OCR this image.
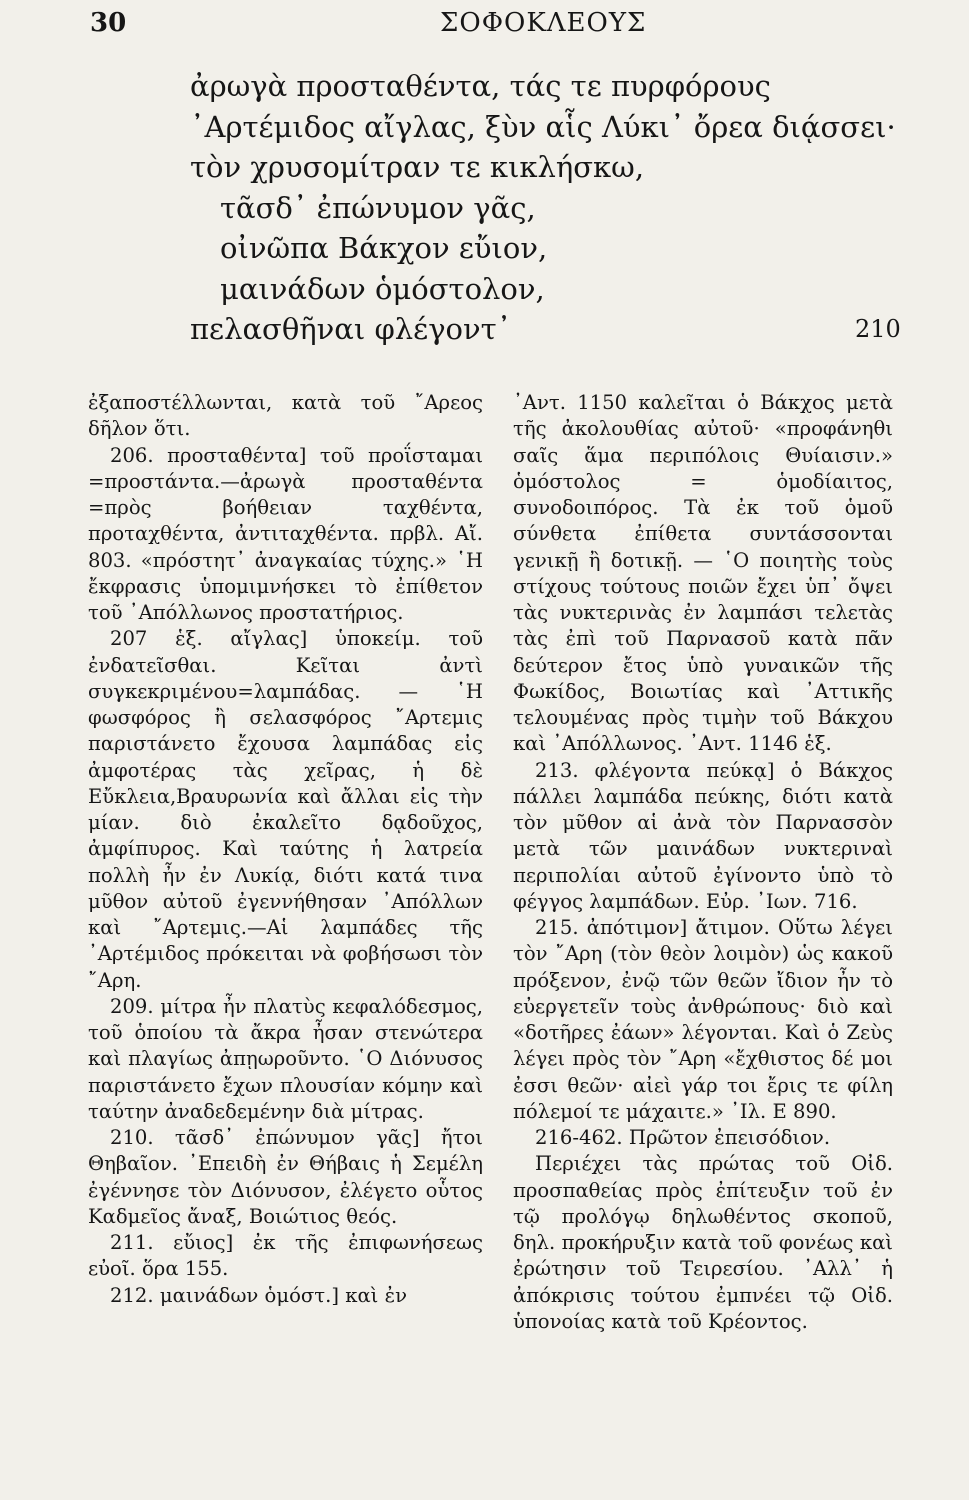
30	ΣΟΦΟΚΛΕΟΥΣ
ἀρωγὰ προσταθέντα, τάς τε πυρφόρους
᾿Αρτέμιδος αἴγλας, ξὺν αἷς Λύκι᾿ ὄρεα διᾴσσει·
τὸν χρυσομίτραν τε κικλήσκω,
τᾶσδ᾿ ἐπώνυμον γᾶς,
οἰνῶπα Βάκχον εὔιον,
μαινάδων ὁμόστολον,
πελασθῆναι φλέγοντ᾿	210

ἐξαποστέλλωνται, κατὰ τοῦ ῎Αρεος δῆλον ὅτι.

206. προσταθέντα] τοῦ προΐσταμαι =προστάντα.—ἀρωγὰ προσταθέντα =πρὸς βοήθειαν ταχθέντα, προταχθέντα, ἀντιταχθέντα. πρβλ. Αἴ. 803. «πρόστητ᾿ ἀναγκαίας τύχης.» ῾Η ἔκφρασις ὑπομιμνήσκει τὸ ἐπίθετον τοῦ ᾿Απόλλωνος προστατήριος.

207 ἑξ. αἴγλας] ὑποκείμ. τοῦ ἐνδατεῖσθαι. Κεῖται ἀντὶ συγκεκριμένου=λαμπάδας. — ῾Η φωσφόρος ἢ σελασφόρος ῎Αρτεμις παριστάνετο ἔχουσα λαμπάδας εἰς ἀμφοτέρας τὰς χεῖρας, ἡ δὲ Εὔκλεια,Βραυρωνία καὶ ἄλλαι εἰς τὴν μίαν. διὸ ἐκαλεῖτο δᾳδοῦχος, ἀμφίπυρος. Καὶ ταύτης ἡ λατρεία πολλὴ ἦν ἐν Λυκίᾳ, διότι κατά τινα μῦθον αὐτοῦ ἐγεννήθησαν ᾿Απόλλων καὶ ῎Αρτεμις.—Αἱ λαμπάδες τῆς ᾿Αρτέμιδος πρόκειται νὰ φοβήσωσι τὸν ῎Αρη.

209. μίτρα ἦν πλατὺς κεφαλόδεσμος, τοῦ ὁποίου τὰ ἄκρα ἦσαν στενώτερα καὶ πλαγίως ἀπῃωροῦντο. ῾Ο Διόνυσος παριστάνετο ἔχων πλουσίαν κόμην καὶ ταύτην ἀναδεδεμένην διὰ μίτρας.

210. τᾶσδ᾿ ἐπώνυμον γᾶς] ἤτοι Θηβαῖον. ᾿Επειδὴ ἐν Θήβαις ἡ Σεμέλη ἐγέννησε τὸν Διόνυσον, ἐλέγετο οὗτος Καδμεῖος ἄναξ, Βοιώτιος θεός.

211. εὔιος] ἐκ τῆς ἐπιφωνήσεως εὐοῖ. ὅρα 155.

212. μαινάδων ὁμόστ.] καὶ ἐν

᾿Αντ. 1150 καλεῖται ὁ Βάκχος μετὰ τῆς ἀκολουθίας αὐτοῦ· «προφάνηθι σαῖς ἅμα περιπόλοις Θυίαισιν.» ὁμόστολος = ὁμοδίαιτος, συνοδοιπόρος. Τὰ ἐκ τοῦ ὁμοῦ σύνθετα ἐπίθετα συντάσσονται γενικῇ ἢ δοτικῇ. — ῾Ο ποιητὴς τοὺς στίχους τούτους ποιῶν ἔχει ὑπ᾿ ὄψει τὰς νυκτερινὰς ἐν λαμπάσι τελετὰς τὰς ἐπὶ τοῦ Παρνασοῦ κατὰ πᾶν δεύτερον ἔτος ὑπὸ γυναικῶν τῆς Φωκίδος, Βοιωτίας καὶ ᾿Αττικῆς τελουμένας πρὸς τιμὴν τοῦ Βάκχου καὶ ᾿Απόλλωνος. ᾿Αντ. 1146 ἑξ.

213. φλέγοντα πεύκᾳ] ὁ Βάκχος πάλλει λαμπάδα πεύκης, διότι κατὰ τὸν μῦθον αἱ ἀνὰ τὸν Παρνασσὸν μετὰ τῶν μαινάδων νυκτεριναὶ περιπολίαι αὐτοῦ ἐγίνοντο ὑπὸ τὸ φέγγος λαμπάδων. Εὐρ. ᾿Ιων. 716.

215. ἀπότιμον] ἄτιμον. Οὕτω λέγει τὸν ῎Αρη (τὸν θεὸν λοιμὸν) ὡς κακοῦ πρόξενον, ἐνῷ τῶν θεῶν ἴδιον ἦν τὸ εὐεργετεῖν τοὺς ἀνθρώπους· διὸ καὶ «δοτῆρες ἐάων» λέγονται. Καὶ ὁ Ζεὺς λέγει πρὸς τὸν ῎Αρη «ἔχθιστος δέ μοι ἐσσι θεῶν· αἰεὶ γάρ τοι ἔρις τε φίλη πόλεμοί τε μάχαιτε.» ᾿Ιλ. Ε 890.

216-462. Πρῶτον ἐπεισόδιον.

Περιέχει τὰς πρώτας τοῦ Οἰδ. προσπαθείας πρὸς ἐπίτευξιν τοῦ ἐν τῷ προλόγῳ δηλωθέντος σκοποῦ, δηλ. προκήρυξιν κατὰ τοῦ φονέως καὶ ἐρώτησιν τοῦ Τειρεσίου. ᾿Αλλ᾿ ἡ ἀπόκρισις τούτου ἐμπνέει τῷ Οἰδ. ὑπονοίας κατὰ τοῦ Κρέοντος.
